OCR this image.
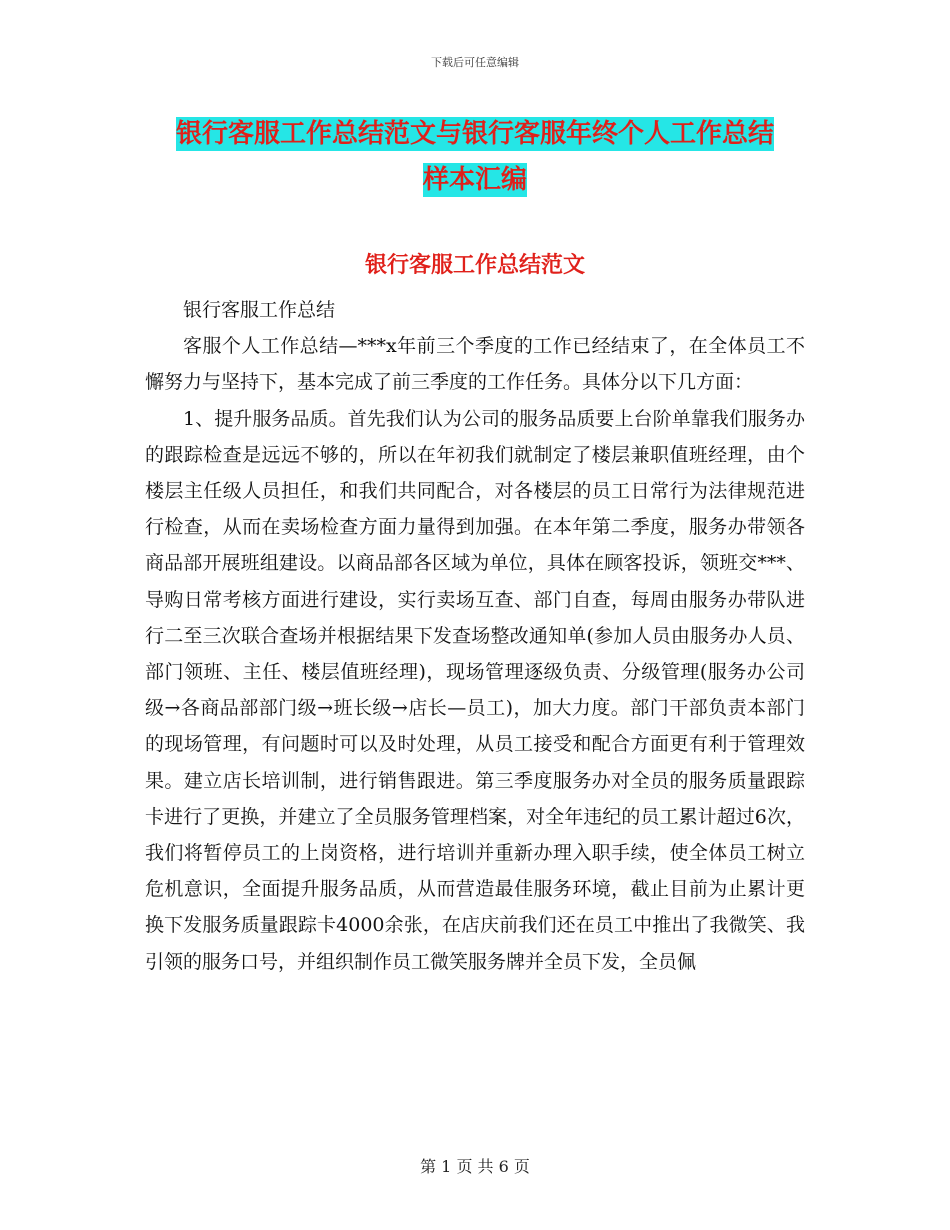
下载后可任意编辑
银行客服工作总结范文与银行客服年终个人工作总结
样本汇编
银行客服工作总结范文

银行客服工作总结

客服个人工作总结—***x年前三个季度的工作已经结束了，在全体员工不懈努力与坚持下，基本完成了前三季度的工作任务。具体分以下几方面：

1、提升服务品质。首先我们认为公司的服务品质要上台阶单靠我们服务办的跟踪检查是远远不够的，所以在年初我们就制定了楼层兼职值班经理，由个楼层主任级人员担任，和我们共同配合，对各楼层的员工日常行为法律规范进行检查，从而在卖场检查方面力量得到加强。在本年第二季度，服务办带领各商品部开展班组建设。以商品部各区域为单位，具体在顾客投诉，领班交***、导购日常考核方面进行建设，实行卖场互查、部门自查，每周由服务办带队进行二至三次联合查场并根据结果下发查场整改通知单(参加人员由服务办人员、部门领班、主任、楼层值班经理)，现场管理逐级负责、分级管理(服务办公司级→各商品部部门级→班长级→店长—员工)，加大力度。部门干部负责本部门的现场管理，有问题时可以及时处理，从员工接受和配合方面更有利于管理效果。建立店长培训制，进行销售跟进。第三季度服务办对全员的服务质量跟踪卡进行了更换，并建立了全员服务管理档案，对全年违纪的员工累计超过6次，我们将暂停员工的上岗资格，进行培训并重新办理入职手续，使全体员工树立危机意识，全面提升服务品质，从而营造最佳服务环境，截止目前为止累计更换下发服务质量跟踪卡4000余张，在店庆前我们还在员工中推出了我微笑、我引领的服务口号，并组织制作员工微笑服务牌并全员下发，全员佩

第 1 页 共 6 页
